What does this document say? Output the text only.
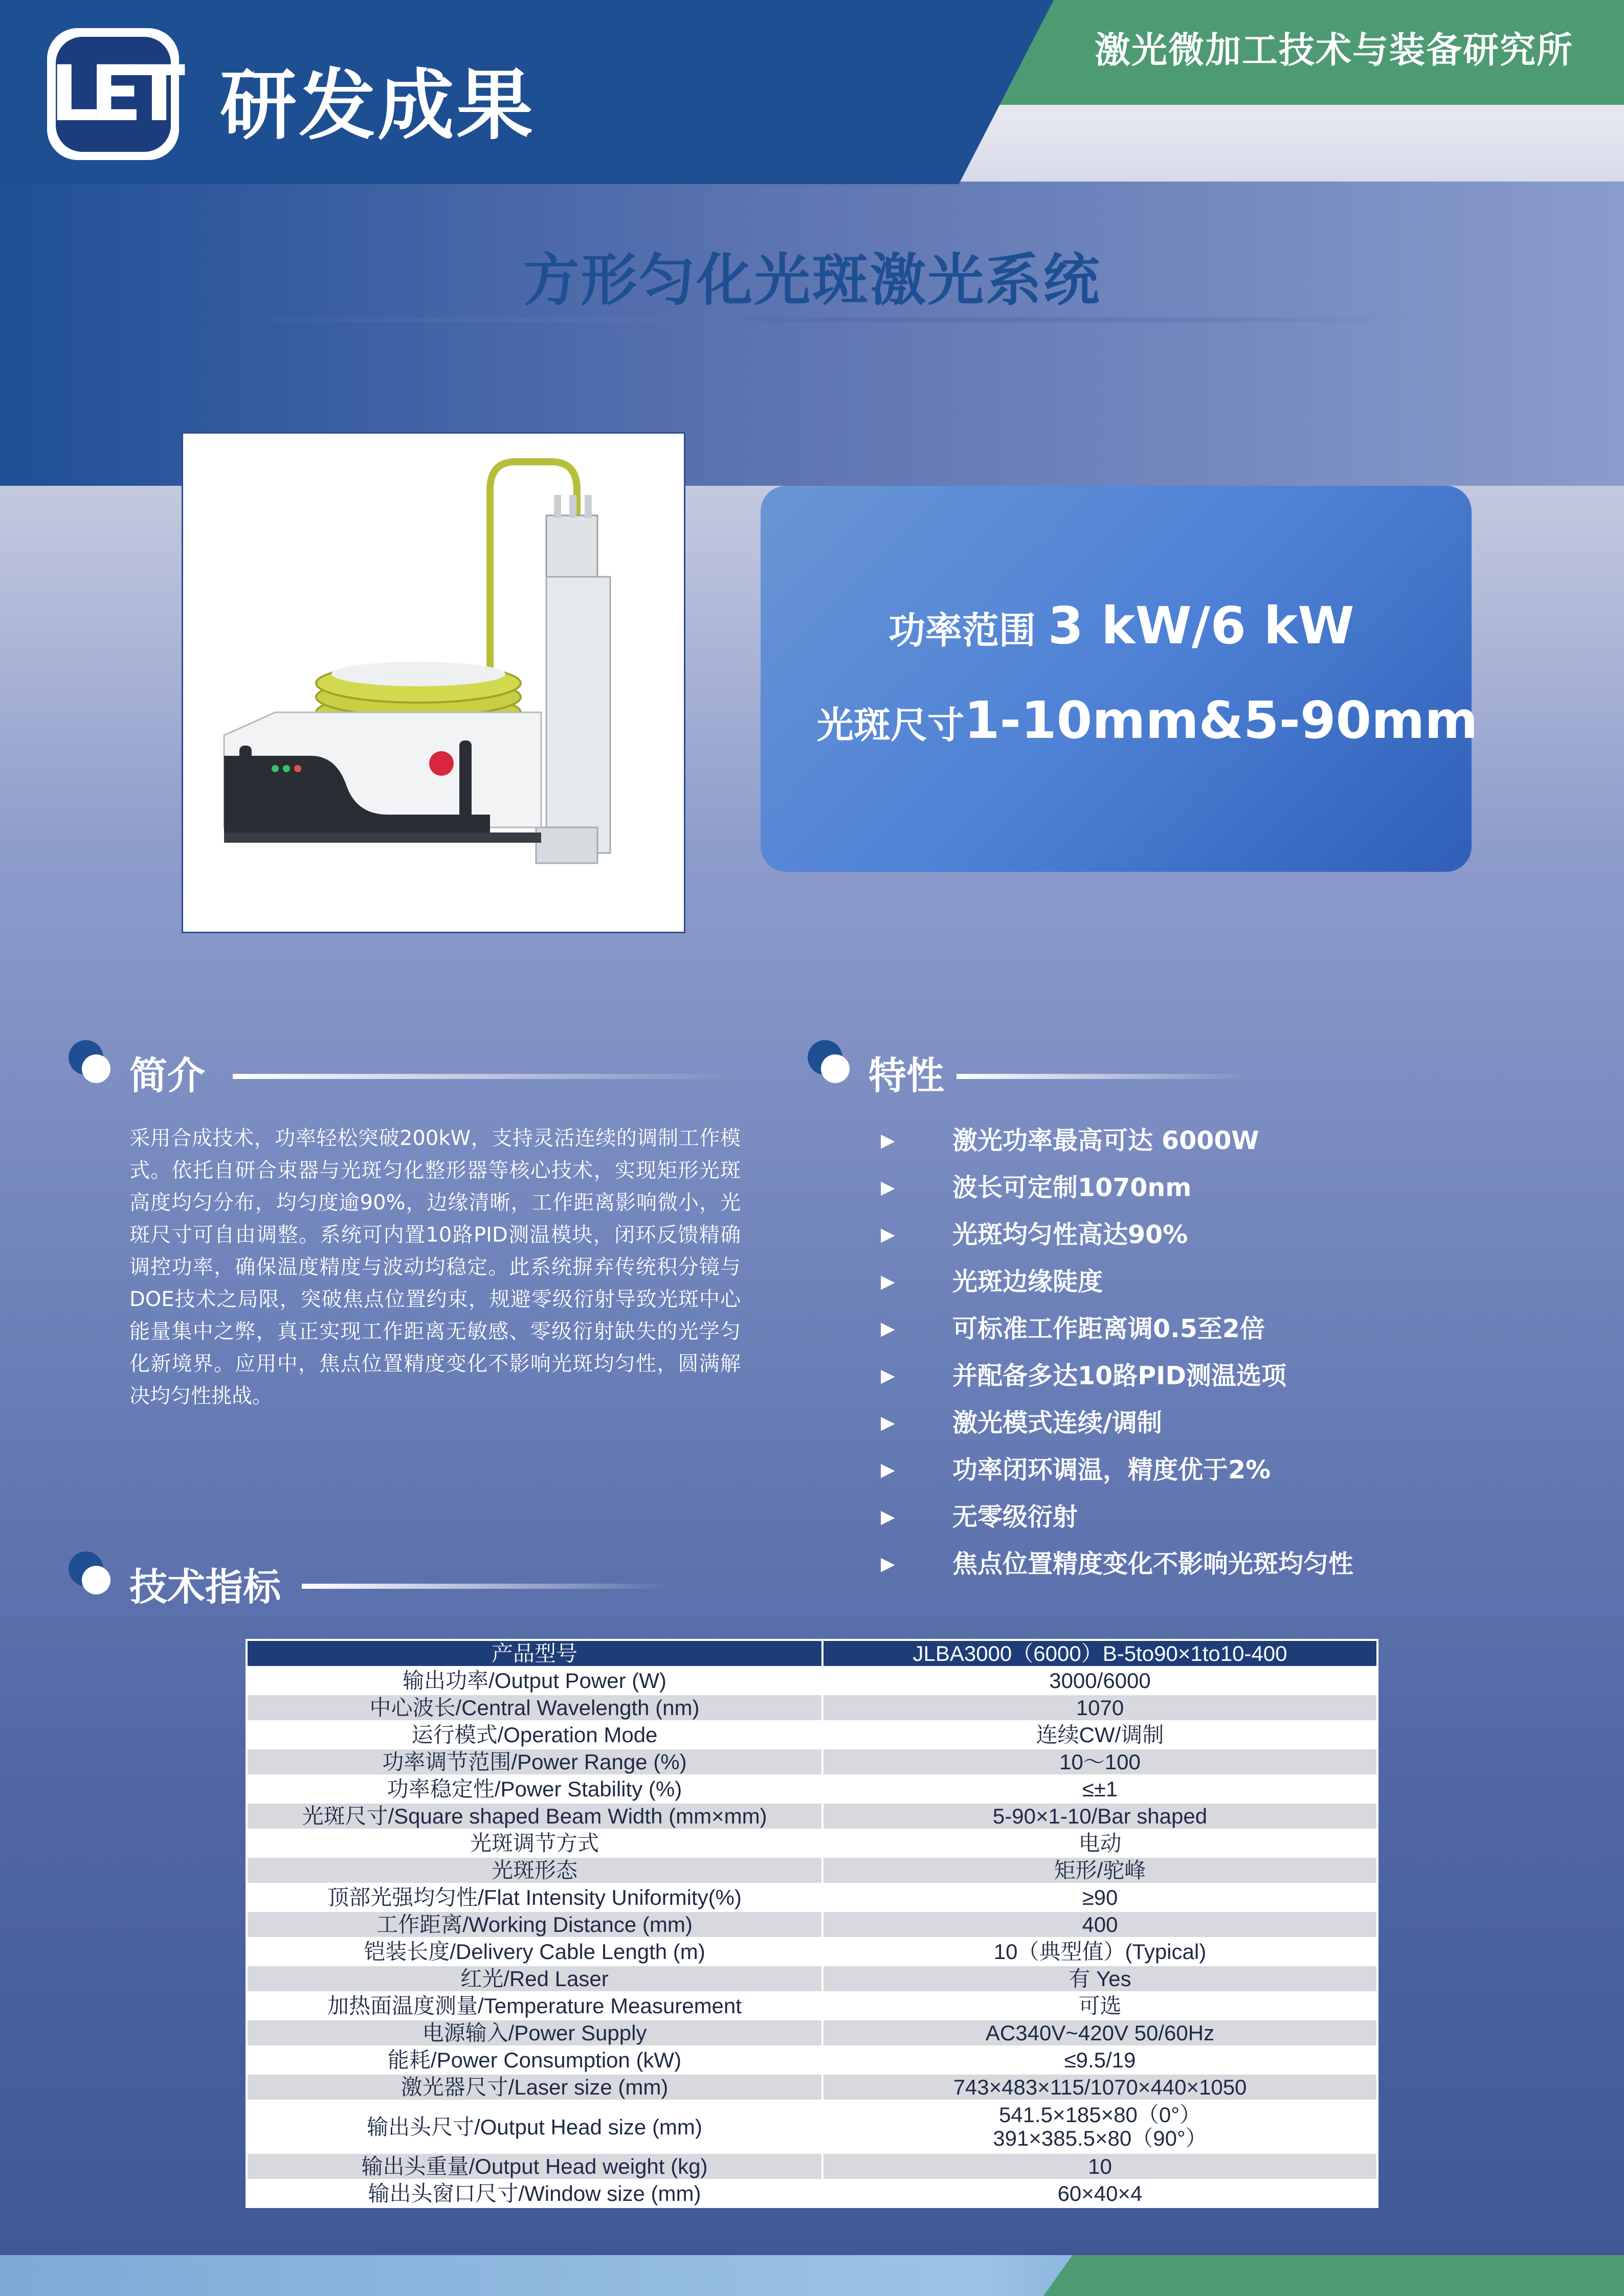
LET 研发成果
激光微加工技术与装备研究所
方形匀化光斑激光系统
功率范围 3 kW/6 kW
光斑尺寸1-10mm&5-90mm
简介
采用合成技术，功率轻松突破200kW，支持灵活连续的调制工作模式。依托自研合束器与光斑匀化整形器等核心技术，实现矩形光斑高度均匀分布，均匀度逾90%，边缘清晰，工作距离影响微小，光斑尺寸可自由调整。系统可内置10路PID测温模块，闭环反馈精确调控功率，确保温度精度与波动均稳定。此系统摒弃传统积分镜与DOE技术之局限，突破焦点位置约束，规避零级衍射导致光斑中心能量集中之弊，真正实现工作距离无敏感、零级衍射缺失的光学匀化新境界。应用中，焦点位置精度变化不影响光斑均匀性，圆满解决均匀性挑战。
特性
▶ 激光功率最高可达 6000W
▶ 波长可定制1070nm
▶ 光斑均匀性高达90%
▶ 光斑边缘陡度
▶ 可标准工作距离调0.5至2倍
▶ 并配备多达10路PID测温选项
▶ 激光模式连续/调制
▶ 功率闭环调温，精度优于2%
▶ 无零级衍射
▶ 焦点位置精度变化不影响光斑均匀性
技术指标
产品型号	JLBA3000（6000）B-5to90×1to10-400
输出功率/Output Power (W)	3000/6000
中心波长/Central Wavelength (nm)	1070
运行模式/Operation Mode	连续CW/调制
功率调节范围/Power Range (%)	10～100
功率稳定性/Power Stability (%)	≤±1
光斑尺寸/Square shaped Beam Width (mm×mm)	5-90×1-10/Bar shaped
光斑调节方式	电动
光斑形态	矩形/驼峰
顶部光强均匀性/Flat Intensity Uniformity(%)	≥90
工作距离/Working Distance (mm)	400
铠装长度/Delivery Cable Length (m)	10（典型值）(Typical)
红光/Red Laser	有 Yes
加热面温度测量/Temperature Measurement	可选
电源输入/Power Supply	AC340V~420V 50/60Hz
能耗/Power Consumption (kW)	≤9.5/19
激光器尺寸/Laser size (mm)	743×483×115/1070×440×1050
输出头尺寸/Output Head size (mm)	541.5×185×80（0°）
391×385.5×80（90°）

输出头重量/Output Head weight (kg)	10
输出头窗口尺寸/Window size (mm)	60×40×4
